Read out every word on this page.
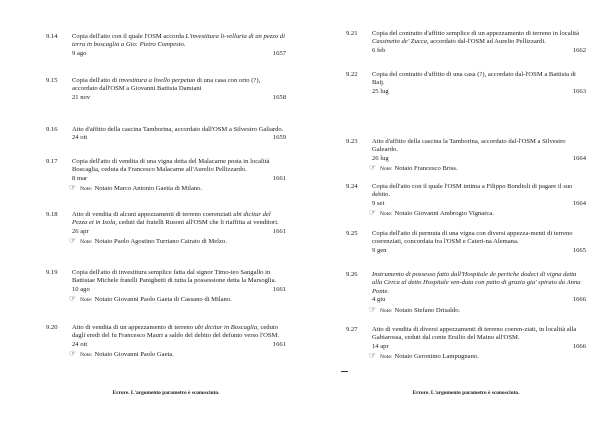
Errore. L'argomento parametro è sconosciuto.
9.14	Copia dell'atto con il quale l'OSM accorda L'investitura li-vellaria di un pezzo di terra in boscaglia a Gio: Pietro Compesto.
9 ago	1657
9.15	Copia dell'atto di investitura a livello perpetuo di una casa con orto (?), accordato dall'OSM a Giovanni Battista Damiani
21 nov	1658
9.16	Atto d'affitto della cascina Tamborina, accordato dall'OSM a Silvestro Galiardo.
24 ott	1659
9.17	Copia dell'atto di vendita di una vigna detta del Malacarne posta in località Boscaglia, ceduta da Francesco Malacarne all'Aurelio Pellizzardo.
8 mar	1661
☞ Note: Notaio Marco Antonio Gaetta di Milano.
9.18	Atto di vendita di alcuni appezzamenti di terreno coerenziati ubi dicitur del Pezza et in Isola, ceduti dai fratelli Rusoni all'OSM che li riaffitta ai venditori.
26 apr	1661
☞ Note: Notaio Paolo Agostino Turriano Cairato di Melzo.
9.19	Copia dell'atto di investitura semplice fatta dal signor Timo-teo Sangallo in Battistae Michele fratelli Panighetti di tutta la possessione detta la Marsoglia.
10 ago	1661
☞ Note: Notaio Giovanni Paolo Gaeta di Cassano di Milano.
9.20	Atto di vendita di un appezzamento di terreno ubi dicitur in Boscaglia, ceduto dagli eredi del fu Francesco Mauri a saldo del debito del defunto verso l'OSM.
24 ott	1661
☞ Note: Notaio Giovanni Paolo Gaeta.
Errore. L'argomento parametro è sconosciuto.
9.21	Copia del contratto d'affitto semplice di un appezzamento di terreno in località Cassinetto de' Zucca, accordato dal-l'OSM ad Aurelio Pellizzardi.
6 feb	1662
9.22	Copia del contratto d'affitto di una casa (?), accordato dal-l'OSM a Battista di Baij.
25 lug	1663
9.23	Atto d'affitto della cascina la Tamborina, accordato dal-l'OSM a Silvestro Galeardo.
26 lug	1664
☞ Note: Notaio Francesco Briss.
9.24	Copia dell'atto con il quale l'OSM intima a Filippo Bondioli di pagare il suo debito.
9 set	1664
☞ Note: Notaio Giovanni Ambrogio Vignarca.
9.25	Copia dell'atto di permuta di una vigna con diversi appezza-menti di terreno coerenziati, concordata fra l'OSM e Cateri-na Alemana.
9 gen	1665
9.26	Instrumento di possesso fatto dall'Hospitale de pertiche dodeci di vigna detta alla Cerca al detto Hospitale ven-duta con patto di grazia gia' spirato da Anna Ponte.
4 giu	1666
☞ Note: Notaio Stefano Drisaldo.
9.27	Atto di vendita di diversi appezzamenti di terreno coeren-ziati, in località alla Gabiarossa, ceduti dal conte Ersilio del Maino all'OSM.
14 apr	1666
☞ Note: Notaio Geronimo Lampugnano.
